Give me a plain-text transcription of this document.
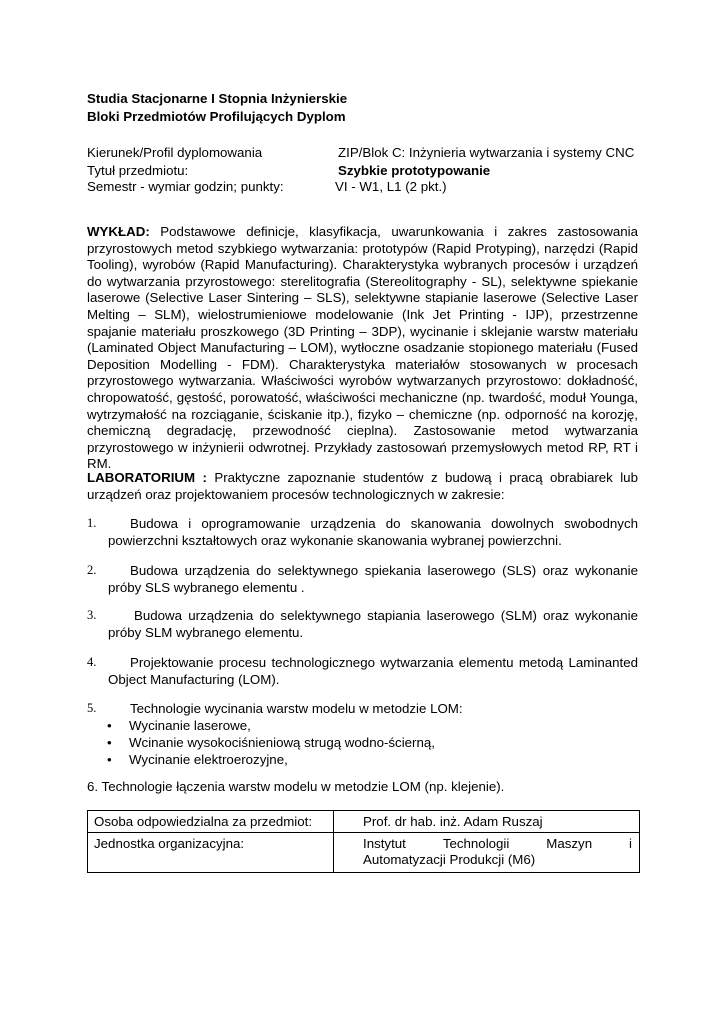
Studia Stacjonarne I Stopnia Inżynierskie
Bloki Przedmiotów Profilujących Dyplom
Kierunek/Profil dyplomowania	ZIP/Blok C: Inżynieria wytwarzania i systemy CNC
Tytuł przedmiotu:	Szybkie prototypowanie
Semestr - wymiar godzin; punkty:	VI - W1, L1 (2 pkt.)
WYKŁAD: Podstawowe definicje, klasyfikacja, uwarunkowania i zakres zastosowania przyrostowych metod szybkiego wytwarzania: prototypów (Rapid Protyping), narzędzi (Rapid Tooling), wyrobów (Rapid Manufacturing). Charakterystyka wybranych procesów i urządzeń do wytwarzania przyrostowego: sterelitografia (Stereolitography - SL), selektywne spiekanie laserowe (Selective Laser Sintering – SLS), selektywne stapianie laserowe (Selective Laser Melting – SLM), wielostrumieniowe modelowanie (Ink Jet Printing - IJP), przestrzenne spajanie materiału proszkowego (3D Printing – 3DP), wycinanie i sklejanie warstw materiału (Laminated Object Manufacturing – LOM), wytłoczne osadzanie stopionego materiału (Fused Deposition Modelling - FDM). Charakterystyka materiałów stosowanych w procesach przyrostowego wytwarzania. Właściwości wyrobów wytwarzanych przyrostowo: dokładność, chropowatość, gęstość, porowatość, właściwości mechaniczne (np. twardość, moduł Younga, wytrzymałość na rozciąganie, ściskanie itp.), fizyko – chemiczne (np. odporność na korozję, chemiczną degradację, przewodność cieplna). Zastosowanie metod wytwarzania przyrostowego w inżynierii odwrotnej. Przykłady zastosowań przemysłowych metod RP, RT i RM.
LABORATORIUM : Praktyczne zapoznanie studentów z budową i pracą obrabiarek lub urządzeń oraz projektowaniem procesów technologicznych w zakresie:
1.	Budowa i oprogramowanie urządzenia do skanowania dowolnych swobodnych
powierzchni kształtowych oraz wykonanie skanowania wybranej powierzchni.
2.	Budowa urządzenia do selektywnego spiekania laserowego (SLS) oraz wykonanie
próby SLS wybranego elementu .
3.	Budowa urządzenia do selektywnego stapiania laserowego (SLM) oraz wykonanie
próby SLM wybranego elementu.
4.	Projektowanie procesu technologicznego wytwarzania elementu metodą Laminanted
Object Manufacturing (LOM).
5.	Technologie wycinania warstw modelu w metodzie LOM:
• Wycinanie laserowe,
• Wcinanie wysokociśnieniową strugą wodno-ścierną,
• Wycinanie elektroerozyjne,
6. Technologie łączenia warstw modelu w metodzie LOM (np. klejenie).
Osoba odpowiedzialna za przedmiot:	Prof. dr hab. inż. Adam Ruszaj
Jednostka organizacyjna:	Instytut Technologii Maszyn i
Automatyzacji Produkcji (M6)
